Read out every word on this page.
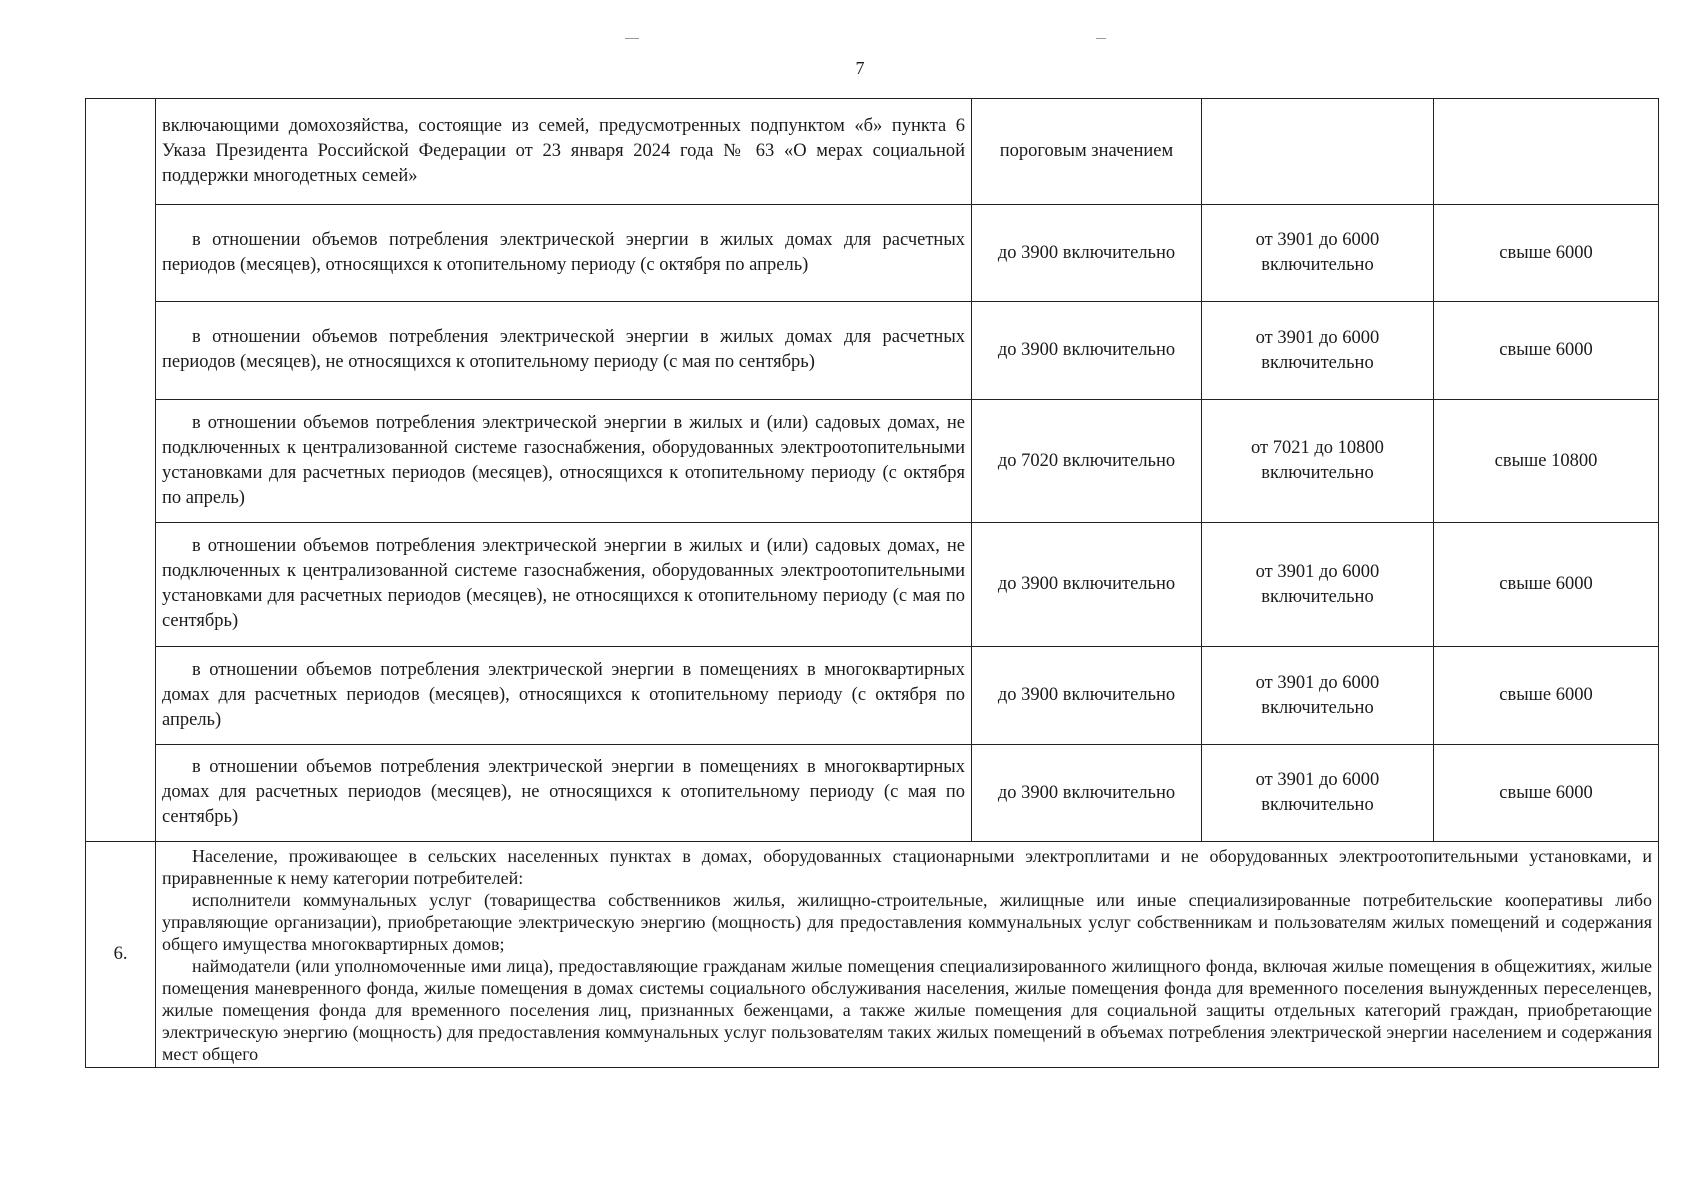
7

	включающими домохозяйства, состоящие из семей, предусмотренных подпунктом «б» пункта 6 Указа Президента Российской Федерации от 23 января 2024 года № 63 «О мерах социальной поддержки многодетных семей»	пороговым значением		

	в отношении объемов потребления электрической энергии в жилых домах для расчетных периодов (месяцев), относящихся к отопительному периоду (с октября по апрель)	до 3900 включительно	от 3901 до 6000 включительно	свыше 6000

	в отношении объемов потребления электрической энергии в жилых домах для расчетных периодов (месяцев), не относящихся к отопительному периоду (с мая по сентябрь)	до 3900 включительно	от 3901 до 6000 включительно	свыше 6000

	в отношении объемов потребления электрической энергии в жилых и (или) садовых домах, не подключенных к централизованной системе газоснабжения, оборудованных электроотопительными установками для расчетных периодов (месяцев), относящихся к отопительному периоду (с октября по апрель)	до 7020 включительно	от 7021 до 10800 включительно	свыше 10800

	в отношении объемов потребления электрической энергии в жилых и (или) садовых домах, не подключенных к централизованной системе газоснабжения, оборудованных электроотопительными установками для расчетных периодов (месяцев), не относящихся к отопительному периоду (с мая по сентябрь)	до 3900 включительно	от 3901 до 6000 включительно	свыше 6000

	в отношении объемов потребления электрической энергии в помещениях в многоквартирных домах для расчетных периодов (месяцев), относящихся к отопительному периоду (с октября по апрель)	до 3900 включительно	от 3901 до 6000 включительно	свыше 6000

	в отношении объемов потребления электрической энергии в помещениях в многоквартирных домах для расчетных периодов (месяцев), не относящихся к отопительному периоду (с мая по сентябрь)	до 3900 включительно	от 3901 до 6000 включительно	свыше 6000

6.	Население, проживающее в сельских населенных пунктах в домах, оборудованных стационарными электроплитами и не оборудованных электроотопительными установками, и приравненные к нему категории потребителей:

исполнители коммунальных услуг (товарищества собственников жилья, жилищно-строительные, жилищные или иные специализированные потребительские кооперативы либо управляющие организации), приобретающие электрическую энергию (мощность) для предоставления коммунальных услуг собственникам и пользователям жилых помещений и содержания общего имущества многоквартирных домов;

наймодатели (или уполномоченные ими лица), предоставляющие гражданам жилые помещения специализированного жилищного фонда, включая жилые помещения в общежитиях, жилые помещения маневренного фонда, жилые помещения в домах системы социального обслуживания населения, жилые помещения фонда для временного поселения вынужденных переселенцев, жилые помещения фонда для временного поселения лиц, признанных беженцами, а также жилые помещения для социальной защиты отдельных категорий граждан, приобретающие электрическую энергию (мощность) для предоставления коммунальных услуг пользователям таких жилых помещений в объемах потребления электрической энергии населением и содержания мест общего			
